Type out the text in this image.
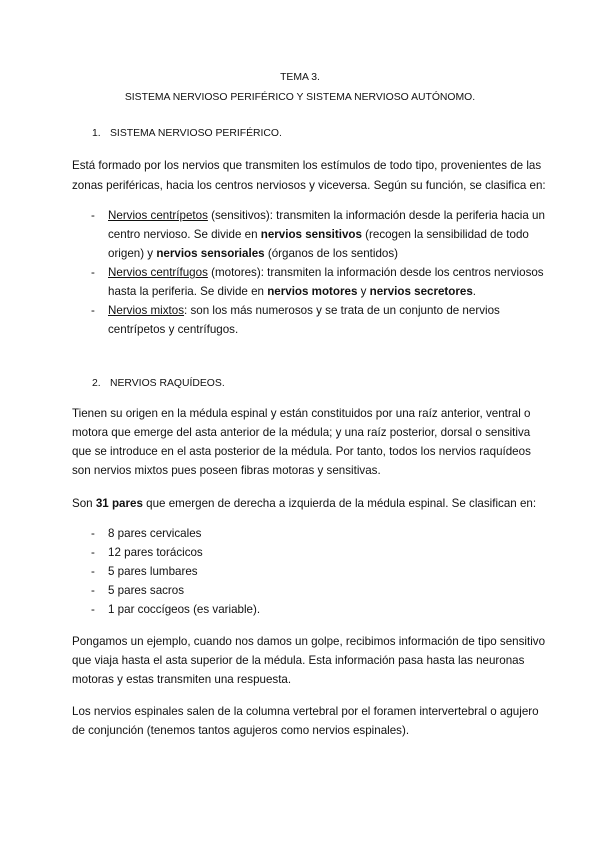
TEMA 3.
SISTEMA NERVIOSO PERIFÉRICO Y SISTEMA NERVIOSO AUTÓNOMO.
1. SISTEMA NERVIOSO PERIFÉRICO.
Está formado por los nervios que transmiten los estímulos de todo tipo, provenientes de las
zonas periféricas, hacia los centros nerviosos y viceversa. Según su función, se clasifica en:
- Nervios centrípetos (sensitivos): transmiten la información desde la periferia hacia un
centro nervioso. Se divide en nervios sensitivos (recogen la sensibilidad de todo
origen) y nervios sensoriales (órganos de los sentidos)
- Nervios centrífugos (motores): transmiten la información desde los centros nerviosos
hasta la periferia. Se divide en nervios motores y nervios secretores.
- Nervios mixtos: son los más numerosos y se trata de un conjunto de nervios
centrípetos y centrífugos.
2. NERVIOS RAQUÍDEOS.
Tienen su origen en la médula espinal y están constituidos por una raíz anterior, ventral o
motora que emerge del asta anterior de la médula; y una raíz posterior, dorsal o sensitiva
que se introduce en el asta posterior de la médula. Por tanto, todos los nervios raquídeos
son nervios mixtos pues poseen fibras motoras y sensitivas.
Son 31 pares que emergen de derecha a izquierda de la médula espinal. Se clasifican en:
- 8 pares cervicales
- 12 pares torácicos
- 5 pares lumbares
- 5 pares sacros
- 1 par coccígeos (es variable).
Pongamos un ejemplo, cuando nos damos un golpe, recibimos información de tipo sensitivo
que viaja hasta el asta superior de la médula. Esta información pasa hasta las neuronas
motoras y estas transmiten una respuesta.
Los nervios espinales salen de la columna vertebral por el foramen intervertebral o agujero
de conjunción (tenemos tantos agujeros como nervios espinales).
